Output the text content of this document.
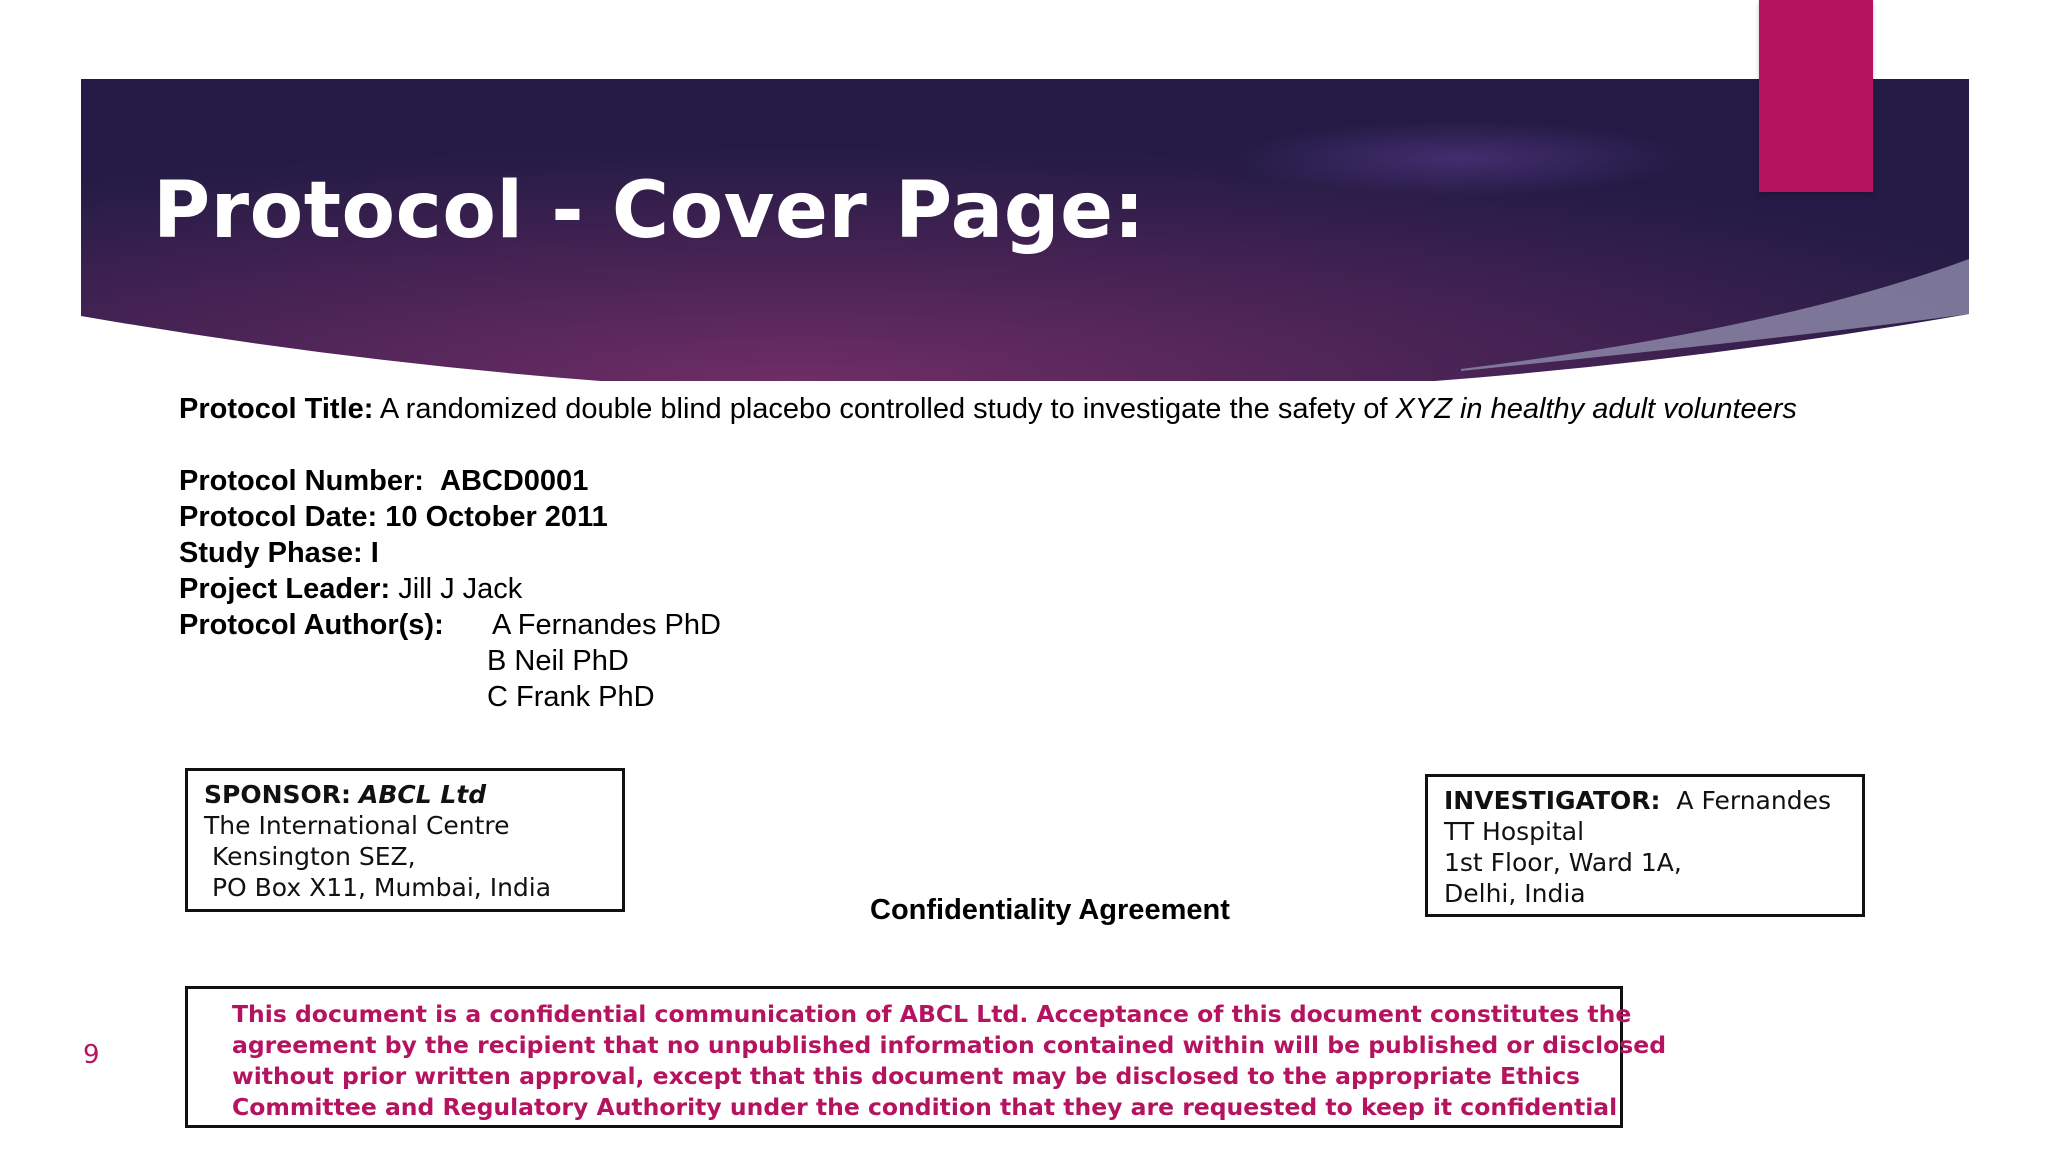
Protocol - Cover Page:
Protocol Title: A randomized double blind placebo controlled study to investigate the safety of XYZ in healthy adult volunteers
Protocol Number: ABCD0001
Protocol Date: 10 October 2011
Study Phase: I
Project Leader: Jill J Jack
Protocol Author(s): A Fernandes PhD
B Neil PhD
C Frank PhD
SPONSOR: ABCL Ltd
The International Centre
Kensington SEZ,
PO Box X11, Mumbai, India
INVESTIGATOR: A Fernandes
TT Hospital
1st Floor, Ward 1A,
Delhi, India
Confidentiality Agreement
This document is a confidential communication of ABCL Ltd. Acceptance of this document constitutes the
agreement by the recipient that no unpublished information contained within will be published or disclosed
without prior written approval, except that this document may be disclosed to the appropriate Ethics
Committee and Regulatory Authority under the condition that they are requested to keep it confidential
9
